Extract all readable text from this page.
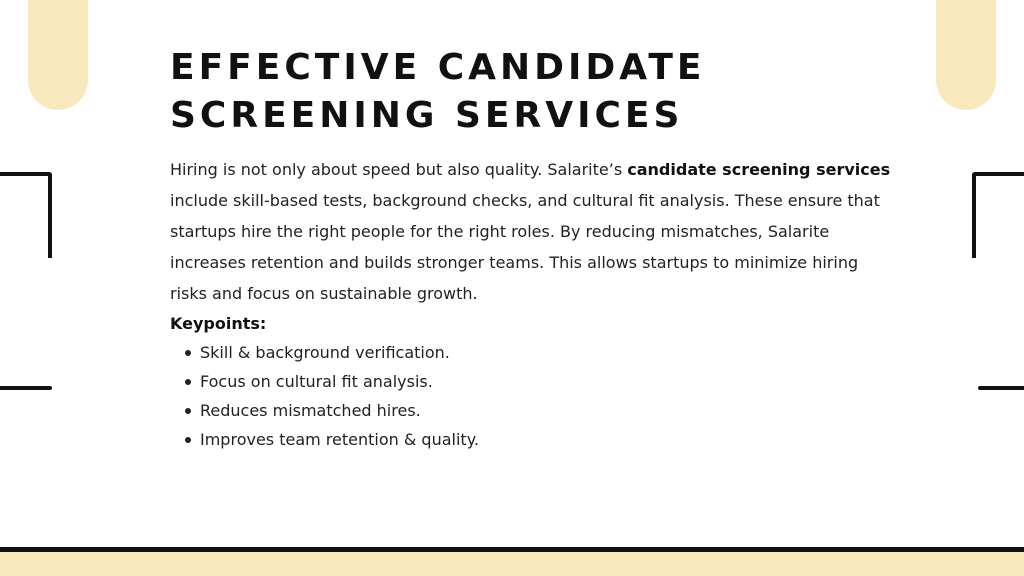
EFFECTIVE CANDIDATE SCREENING SERVICES

Hiring is not only about speed but also quality. Salarite’s candidate screening services include skill-based tests, background checks, and cultural fit analysis. These ensure that startups hire the right people for the right roles. By reducing mismatches, Salarite increases retention and builds stronger teams. This allows startups to minimize hiring risks and focus on sustainable growth.

Keypoints:

Skill & background verification.
Focus on cultural fit analysis.
Reduces mismatched hires.
Improves team retention & quality.
